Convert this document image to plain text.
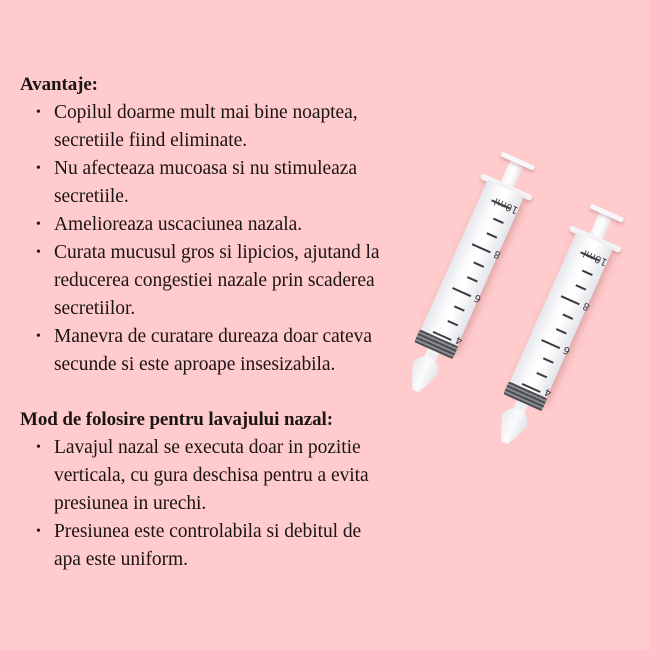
Avantaje:

• Copilul doarme mult mai bine noaptea,
secretiile fiind eliminate.
• Nu afecteaza mucoasa si nu stimuleaza
secretiile.
• Amelioreaza uscaciunea nazala.
• Curata mucusul gros si lipicios, ajutand la
reducerea congestiei nazale prin scaderea
secretiilor.
• Manevra de curatare dureaza doar cateva
secunde si este aproape insesizabila.

Mod de folosire pentru lavajului nazal:

• Lavajul nazal se executa doar in pozitie
verticala, cu gura deschisa pentru a evita
presiunea in urechi.
• Presiunea este controlabila si debitul de
apa este uniform.
10ml
8
6
4
10ml
8
6
4
